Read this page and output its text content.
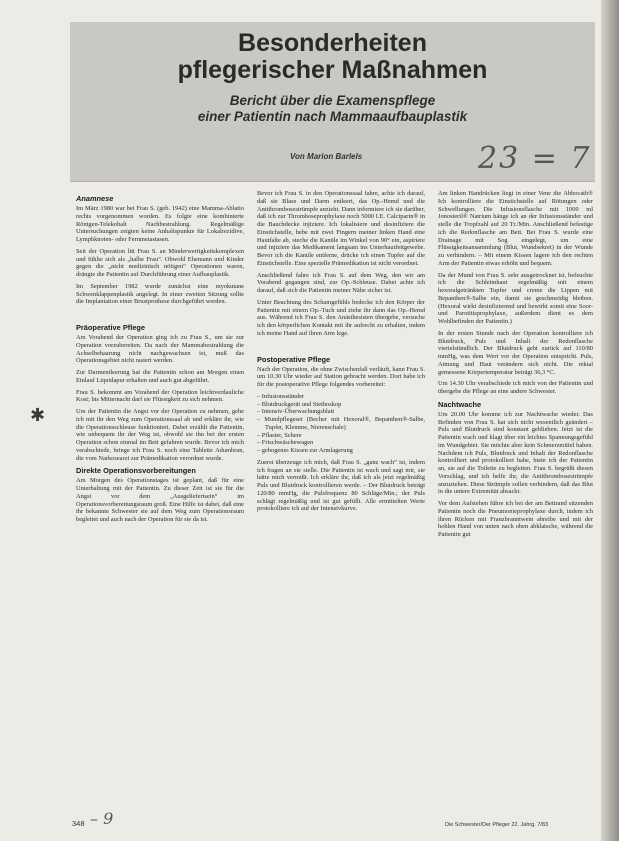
Besonderheiten
pflegerischer Maßnahmen
Bericht über die Examenspflege
einer Patientin nach Mammaaufbauplastik
Von Marion Barlels	23 = 7
✱
Anamnese

Im März 1980 war bei Frau S. (geb. 1942) eine Mamma-Ablatio rechts vorgenommen worden. Es folgte eine kombinierte Röntgen-Telekobalt Nachbestrahlung. Regelmäßige Untersuchungen zeigten keine Anhaltspunkte für Lokalrezidive, Lymphknoten- oder Fernmetastasen.

Seit der Operation litt Frau S. an Minderwertigkeitskomplexen und fühlte sich als „halbe Frau“. Obwohl Ehemann und Kinder gegen die „nicht medizinisch nötigen“ Operationen waren, drängte die Patientin auf Durchführung einer Aufbauplastik.

Im September 1982 wurde zunächst eine myokutane Schwenklappenplastik angelegt. In einer zweiten Sitzung sollte die Implantation einer Brustprothese durchgeführt werden.

Präoperative Pflege

Am Vorabend der Operation ging ich zu Frau S., um sie zur Operation vorzubereiten. Da nach der Mammabestrahlung die Achselbehaarung nicht nachgewachsen ist, muß das Operationsgebiet nicht rasiert werden.

Zur Darmentleerung hat die Patientin schon am Morgen einen Einlauf Liquidapur erhalten und auch gut abgeführt.

Frau S. bekommt am Vorabend der Operation leichtverdauliche Kost; bis Mitternacht darf sie Flüssigkeit zu sich nehmen.

Um der Patientin die Angst vor der Operation zu nehmen, gehe ich mit ihr den Weg zum Operationssaal ab und erkläre ihr, wie die Operationsschleuse funktioniert. Dabei erzählt die Patientin, wie unbequem ihr der Weg ist, obwohl sie ihn bei der ersten Operation schon einmal im Bett gefahren wurde. Bevor ich mich verabschiede, bringe ich Frau S. noch eine Tablette Adumbran, die vom Narkosearzt zur Prämedikation verordnet wurde.

Direkte Operationsvorbereitungen

Am Morgen des Operationstages ist geplant, daß für eine Unterhaltung mit der Patientin. Zu dieser Zeit ist sie für die Angst vor dem „Ausgeliefertsein“ im Operationsvorbereitungsraum groß. Eine Hilfe ist dabei, daß eine ihr bekannte Schwester sie auf dem Weg zum Operationsraum begleitet und auch nach der Operation für sie da ist.

Bevor ich Frau S. in den Operationssaal fahre, achte ich darauf, daß sie Blase und Darm entleert, das Op.-Hemd und die Antithrombosestrümpfe anzieht. Dann informiere ich sie darüber, daß ich zur Thromboseprophylaxe noch 5000 I.E. Calciparin® in die Bauchdecke injiziere. Ich lokalisiere und desinfiziere die Einstichstelle, hebe mit zwei Fingern meiner linken Hand eine Hautfalte ab, steche die Kanüle im Winkel von 90° ein, aspiriere und injiziere das Medikament langsam ins Unterhautfettgewebe. Bevor ich die Kanüle entferne, drücke ich einen Tupfer auf die Einstichstelle. Eine spezielle Prämedikation ist nicht verordnet.

Anschließend fahre ich Frau S. auf dem Weg, den wir am Vorabend gegangen sind, zur Op.-Schleuse. Dabei achte ich darauf, daß sich die Patientin meiner Nähe sicher ist.

Unter Beachtung des Schamgefühls bedecke ich den Körper der Patientin mit einem Op.-Tuch und ziehe ihr dann das Op.-Hemd aus. Während ich Frau S. den Anästhesisten übergebe, versuche ich den körperlichen Kontakt mit ihr aufrecht zu erhalten, indem ich meine Hand auf ihren Arm lege.

Postoperative Pflege

Nach der Operation, die ohne Zwischenfall verläuft, kann Frau S. um 10.30 Uhr wieder auf Station gebracht werden. Dort habe ich für die postoperative Pflege folgendes vorbereitet:

– Infusionsständer
– Blutdruckgerät und Stethoskop
– Intensiv-Überwachungsblatt
– Mundpflegeset (Becher mit Hexoral®, Bepanthen®-Salbe, Tupfer, Klemme, Nierenschale)
– Pflaster, Schere
– Frischwäschewagen
– gebogenes Kissen zur Armlagerung

Zuerst überzeuge ich mich, daß Frau S. „ganz wach“ ist, indem ich fragen an sie stelle. Die Patientin ist wach und sagt mir, sie hätte mich vermißt. Ich erkläre ihr, daß ich als jetzt regelmäßig Puls und Blutdruck kontrollieren werde. – Der Blutdruck beträgt 120/80 mmHg, die Pulsfrequenz 80 Schläge/Min.; der Puls schlägt regelmäßig und ist gut gefüllt. Alle ermittelten Werte protokolliere ich auf der Intensivkurve.

Am linken Handrücken liegt in einer Vene die Abbocath® Ich kontrolliere die Einstichstelle auf Rötungen oder Schwellungen. Die Infusionsflasche mit 1000 ml Jonosteril® Natrium hänge ich an der Infusionsständer und stelle die Tropfzahl auf 20 Tr./Min. Anschließend befestige ich die Redonflasche am Bett. Bei Frau S. wurde eine Drainage mit Sog eingelegt, um eine Flüssigkeitsansammlung (Blut, Wundsekret) in der Wunde zu verhindern. – Mit einem Kissen lagere ich den rechten Arm der Patientin etwas erhöht und bequem.

Da der Mund von Frau S. sehr ausgetrocknet ist, befeuchte ich die Schleimhaut regelmäßig mit einem hexoralgetränkten Tupfer und creme die Lippen mit Bepanthen®-Salbe ein, damit sie geschmeidig bleiben. (Hexoral wirkt desinfizierend und bewirkt somit eine Soor- und Parotitisprophylaxe, außerdem dient es dem Wohlbefinden der Patientin.)

In der ersten Stunde nach der Operation kontrolliere ich Blutdruck, Puls und Inhalt der Redonflasche viertelstündlich. Der Blutdruck geht zurück auf 110/80 mmHg, was dem Wert vor der Operation entspricht. Puls, Atmung und Haut verändern sich nicht. Die rektal gemessene Körpertemperatur beträgt 36,3 °C.

Um 14.30 Uhr verabschiede ich mich von der Patientin und übergebe die Pflege an eine andere Schwester.

Nachtwache

Um 20.00 Uhr komme ich zur Nachtwache wieder. Das Befinden von Frau S. hat sich nicht wesentlich geändert – Puls und Blutdruck sind konstant geblieben. Jetzt ist die Patientin wach und klagt über ein leichtes Spannungsgefühl im Wundgebiet. Sie möchte aber kein Schmerzmittel haben. Nachdem ich Puls, Blutdruck und Inhalt der Redonflasche kontrolliert und protokolliert habe, biete ich der Patientin an, sie auf die Toilette zu begleiten. Frau S. begrüßt diesen Vorschlag, und ich helfe ihr, die Antithrombosestrümpfe anzuziehen. Diese Strümpfe sollen verhindern, daß das Blut in die untere Extremität absackt.

Vor dem Aufstehen führe ich bei der am Bettrand sitzenden Patientin noch die Pneumonieprophylaxe durch, indem ich ihren Rücken mit Franzbranntwein abreibe und mit der hohlen Hand von unten nach oben abklatsche, während die Patientin gut

348 – 9	Die Schwester/Der Pfleger 22. Jahrg. 7/83
